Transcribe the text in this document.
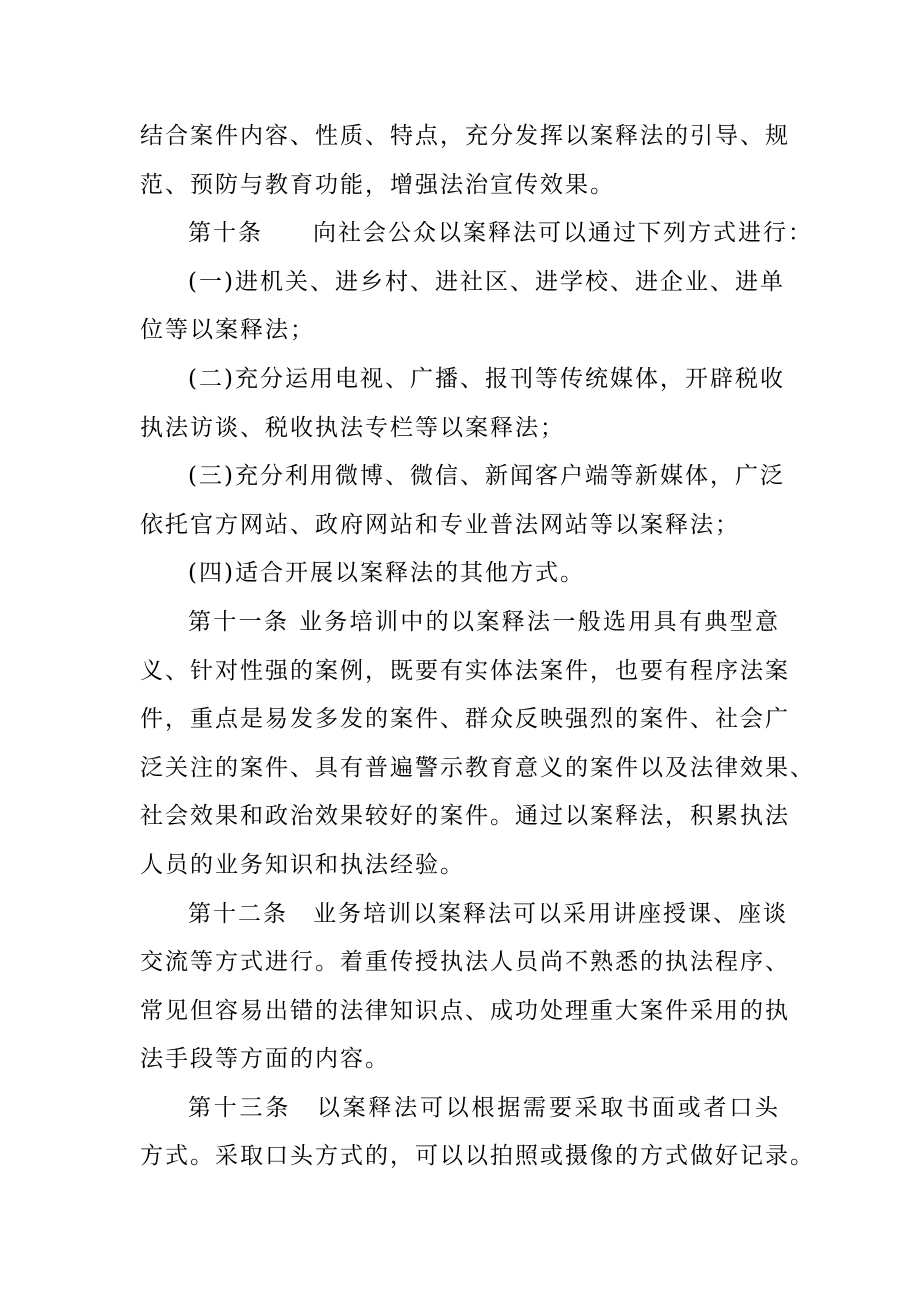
结合案件内容、性质、特点，充分发挥以案释法的引导、规
范、预防与教育功能，增强法治宣传效果。

第十条　　向社会公众以案释法可以通过下列方式进行：

(一)进机关、进乡村、进社区、进学校、进企业、进单
位等以案释法；

(二)充分运用电视、广播、报刊等传统媒体，开辟税收
执法访谈、税收执法专栏等以案释法；

(三)充分利用微博、微信、新闻客户端等新媒体，广泛
依托官方网站、政府网站和专业普法网站等以案释法；

(四)适合开展以案释法的其他方式。

第十一条 业务培训中的以案释法一般选用具有典型意
义、针对性强的案例，既要有实体法案件，也要有程序法案
件，重点是易发多发的案件、群众反映强烈的案件、社会广
泛关注的案件、具有普遍警示教育意义的案件以及法律效果、
社会效果和政治效果较好的案件。通过以案释法，积累执法
人员的业务知识和执法经验。

第十二条　业务培训以案释法可以采用讲座授课、座谈
交流等方式进行。着重传授执法人员尚不熟悉的执法程序、
常见但容易出错的法律知识点、成功处理重大案件采用的执
法手段等方面的内容。

第十三条　以案释法可以根据需要采取书面或者口头
方式。采取口头方式的，可以以拍照或摄像的方式做好记录。
